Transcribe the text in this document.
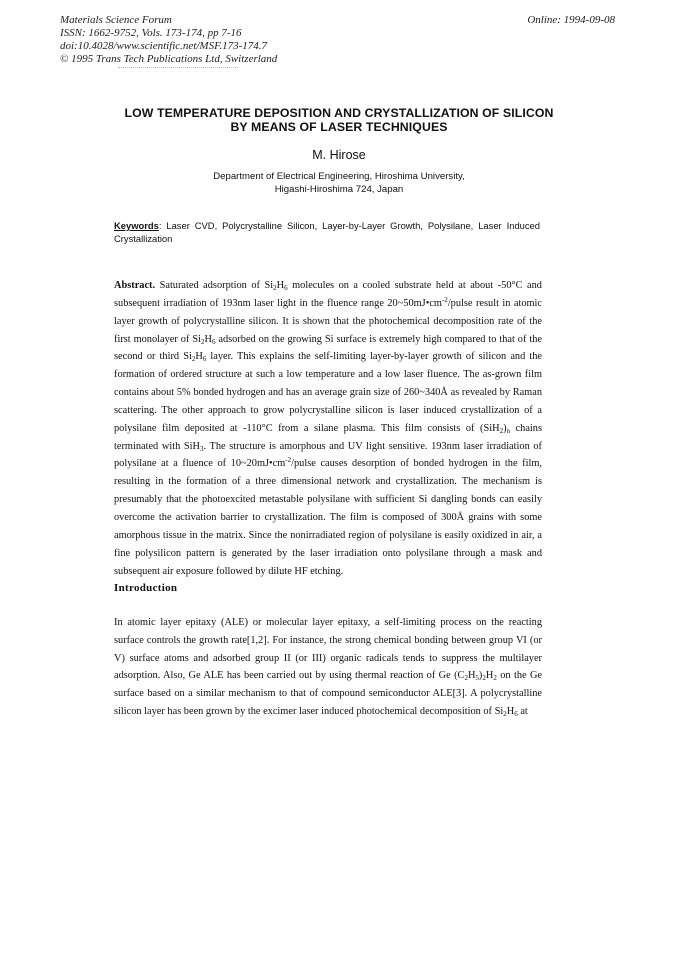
Materials Science Forum
ISSN: 1662-9752, Vols. 173-174, pp 7-16
doi:10.4028/www.scientific.net/MSF.173-174.7
© 1995 Trans Tech Publications Ltd, Switzerland
Online: 1994-09-08
LOW TEMPERATURE DEPOSITION AND CRYSTALLIZATION OF SILICON
BY MEANS OF LASER TECHNIQUES
M. Hirose
Department of Electrical Engineering, Hiroshima University,
Higashi-Hiroshima 724, Japan
Keywords: Laser CVD, Polycrystalline Silicon, Layer-by-Layer Growth, Polysilane, Laser Induced Crystallization
Abstract. Saturated adsorption of $Si_2H_6$ molecules on a cooled substrate held at about -50°C and subsequent irradiation of 193nm laser light in the fluence range $20\sim 50mJ•cm^{-2}$/pulse result in atomic layer growth of polycrystalline silicon. It is shown that the photochemical decomposition rate of the first monolayer of $Si_2H_6$ adsorbed on the growing Si surface is extremely high compared to that of the second or third $Si_2H_6$ layer. This explains the self-limiting layer-by-layer growth of silicon and the formation of ordered structure at such a low temperature and a low laser fluence. The as-grown film contains about 5% bonded hydrogen and has an average grain size of 260~340Å as revealed by Raman scattering. The other approach to grow polycrystalline silicon is laser induced crystallization of a polysilane film deposited at -110°C from a silane plasma. This film consists of $(SiH_2)_n$ chains terminated with SiH$_3$. The structure is amorphous and UV light sensitive. 193nm laser irradiation of polysilane at a fluence of $10\sim 20mJ•cm^{-2}$/pulse causes desorption of bonded hydrogen in the film, resulting in the formation of a three dimensional network and crystallization. The mechanism is presumably that the photoexcited metastable polysilane with sufficient Si dangling bonds can easily overcome the activation barrier to crystallization. The film is composed of 300Å grains with some amorphous tissue in the matrix. Since the nonirradiated region of polysilane is easily oxidized in air, a fine polysilicon pattern is generated by the laser irradiation onto polysilane through a mask and subsequent air exposure followed by dilute HF etching.
Introduction
In atomic layer epitaxy (ALE) or molecular layer epitaxy, a self-limiting process on the reacting surface controls the growth rate[1,2]. For instance, the strong chemical bonding between group VI (or V) surface atoms and adsorbed group II (or III) organic radicals tends to suppress the multilayer adsorption. Also, Ge ALE has been carried out by using thermal reaction of Ge $(C_2H_5)_2H_2$ on the Ge surface based on a similar mechanism to that of compound semiconductor ALE[3]. A polycrystalline silicon layer has been grown by the excimer laser induced photochemical decomposition of $Si_2H_6$ at
